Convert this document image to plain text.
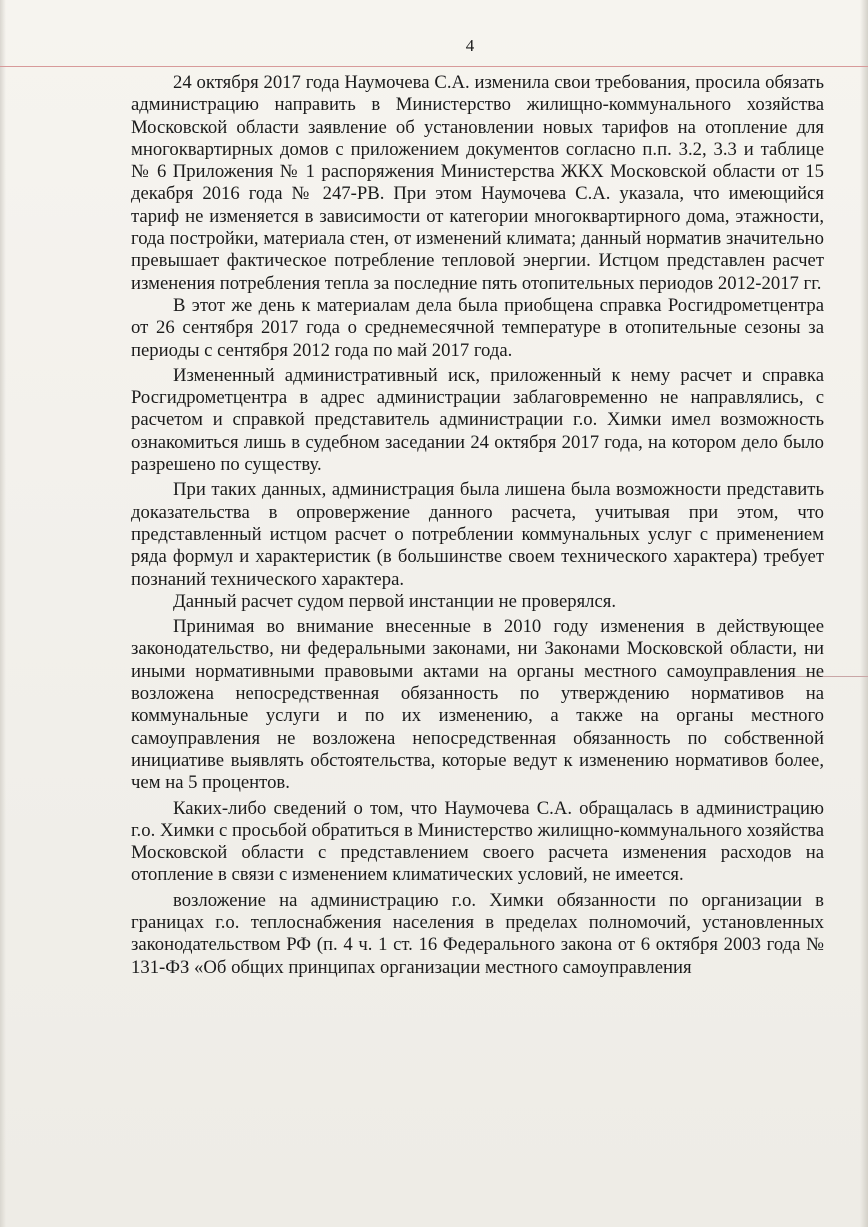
4

24 октября 2017 года Наумочева С.А. изменила свои требования, просила обязать администрацию направить в Министерство жилищно-коммунального хозяйства Московской области заявление об установлении новых тарифов на отопление для многоквартирных домов с приложением документов согласно п.п. 3.2, 3.3 и таблице № 6 Приложения № 1 распоряжения Министерства ЖКХ Московской области от 15 декабря 2016 года № 247-РВ. При этом Наумочева С.А. указала, что имеющийся тариф не изменяется в зависимости от категории многоквартирного дома, этажности, года постройки, материала стен, от изменений климата; данный норматив значительно превышает фактическое потребление тепловой энергии. Истцом представлен расчет изменения потребления тепла за последние пять отопительных периодов 2012-2017 гг.

В этот же день к материалам дела была приобщена справка Росгидрометцентра от 26 сентября 2017 года о среднемесячной температуре в отопительные сезоны за периоды с сентября 2012 года по май 2017 года.

Измененный административный иск, приложенный к нему расчет и справка Росгидрометцентра в адрес администрации заблаговременно не направлялись, с расчетом и справкой представитель администрации г.о. Химки имел возможность ознакомиться лишь в судебном заседании 24 октября 2017 года, на котором дело было разрешено по существу.

При таких данных, администрация была лишена была возможности представить доказательства в опровержение данного расчета, учитывая при этом, что представленный истцом расчет о потреблении коммунальных услуг с применением ряда формул и характеристик (в большинстве своем технического характера) требует познаний технического характера.

Данный расчет судом первой инстанции не проверялся.

Принимая во внимание внесенные в 2010 году изменения в действующее законодательство, ни федеральными законами, ни Законами Московской области, ни иными нормативными правовыми актами на органы местного самоуправления не возложена непосредственная обязанность по утверждению нормативов на коммунальные услуги и по их изменению, а также на органы местного самоуправления не возложена непосредственная обязанность по собственной инициативе выявлять обстоятельства, которые ведут к изменению нормативов более, чем на 5 процентов.

Каких-либо сведений о том, что Наумочева С.А. обращалась в администрацию г.о. Химки с просьбой обратиться в Министерство жилищно-коммунального хозяйства Московской области с представлением своего расчета изменения расходов на отопление в связи с изменением климатических условий, не имеется.

возложение на администрацию г.о. Химки обязанности по организации в границах г.о. теплоснабжения населения в пределах полномочий, установленных законодательством РФ (п. 4 ч. 1 ст. 16 Федерального закона от 6 октября 2003 года № 131-ФЗ «Об общих принципах организации местного самоуправления
